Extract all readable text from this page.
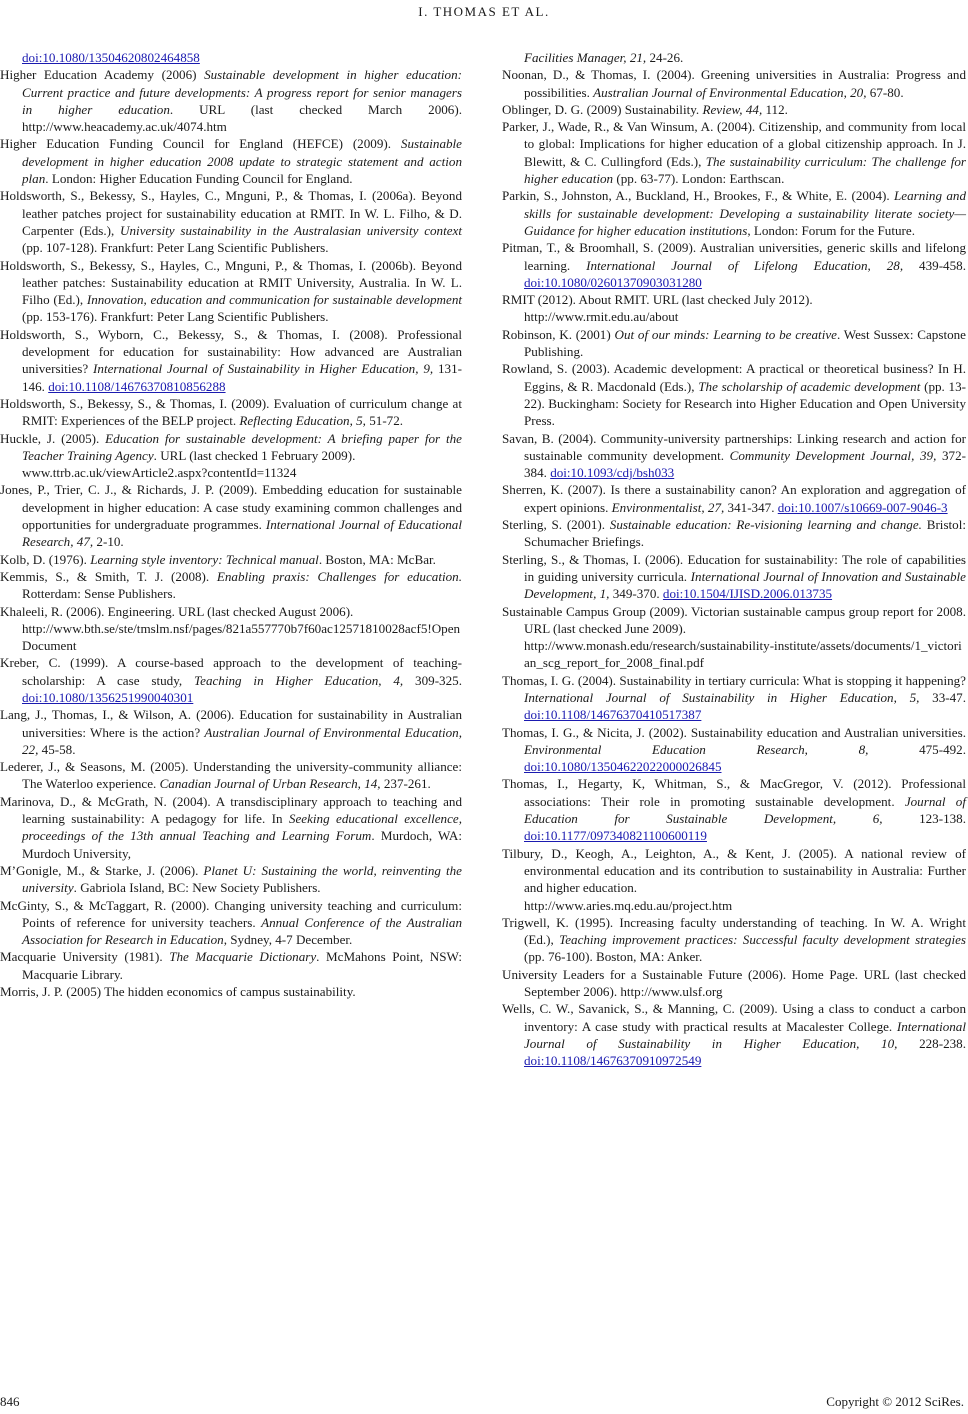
I. THOMAS ET AL.

doi:10.1080/13504620802464858

Higher Education Academy (2006) Sustainable development in higher education: Current practice and future developments: A progress report for senior managers in higher education. URL (last checked March 2006). http://www.heacademy.ac.uk/4074.htm

Higher Education Funding Council for England (HEFCE) (2009). Sustainable development in higher education 2008 update to strategic statement and action plan. London: Higher Education Funding Council for England.

Holdsworth, S., Bekessy, S., Hayles, C., Mnguni, P., & Thomas, I. (2006a). Beyond leather patches project for sustainability education at RMIT. In W. L. Filho, & D. Carpenter (Eds.), University sustainability in the Australasian university context (pp. 107-128). Frankfurt: Peter Lang Scientific Publishers.

Holdsworth, S., Bekessy, S., Hayles, C., Mnguni, P., & Thomas, I. (2006b). Beyond leather patches: Sustainability education at RMIT University, Australia. In W. L. Filho (Ed.), Innovation, education and communication for sustainable development (pp. 153-176). Frankfurt: Peter Lang Scientific Publishers.

Holdsworth, S., Wyborn, C., Bekessy, S., & Thomas, I. (2008). Professional development for education for sustainability: How advanced are Australian universities? International Journal of Sustainability in Higher Education, 9, 131-146. doi:10.1108/14676370810856288

Holdsworth, S., Bekessy, S., & Thomas, I. (2009). Evaluation of curriculum change at RMIT: Experiences of the BELP project. Reflecting Education, 5, 51-72.

Huckle, J. (2005). Education for sustainable development: A briefing paper for the Teacher Training Agency. URL (last checked 1 February 2009).

www.ttrb.ac.uk/viewArticle2.aspx?contentId=11324

Jones, P., Trier, C. J., & Richards, J. P. (2009). Embedding education for sustainable development in higher education: A case study examining common challenges and opportunities for undergraduate programmes. International Journal of Educational Research, 47, 2-10.

Kolb, D. (1976). Learning style inventory: Technical manual. Boston, MA: McBar.

Kemmis, S., & Smith, T. J. (2008). Enabling praxis: Challenges for education. Rotterdam: Sense Publishers.

Khaleeli, R. (2006). Engineering. URL (last checked August 2006).

http://www.bth.se/ste/tmslm.nsf/pages/821a557770b7f60ac12571810028acf5!OpenDocument

Kreber, C. (1999). A course-based approach to the development of teaching-scholarship: A case study, Teaching in Higher Education, 4, 309-325. doi:10.1080/1356251990040301

Lang, J., Thomas, I., & Wilson, A. (2006). Education for sustainability in Australian universities: Where is the action? Australian Journal of Environmental Education, 22, 45-58.

Lederer, J., & Seasons, M. (2005). Understanding the university-community alliance: The Waterloo experience. Canadian Journal of Urban Research, 14, 237-261.

Marinova, D., & McGrath, N. (2004). A transdisciplinary approach to teaching and learning sustainability: A pedagogy for life. In Seeking educational excellence, proceedings of the 13th annual Teaching and Learning Forum. Murdoch, WA: Murdoch University,

M’Gonigle, M., & Starke, J. (2006). Planet U: Sustaining the world, reinventing the university. Gabriola Island, BC: New Society Publishers.

McGinty, S., & McTaggart, R. (2000). Changing university teaching and curriculum: Points of reference for university teachers. Annual Conference of the Australian Association for Research in Education, Sydney, 4-7 December.

Macquarie University (1981). The Macquarie Dictionary. McMahons Point, NSW: Macquarie Library.

Morris, J. P. (2005) The hidden economics of campus sustainability.

Facilities Manager, 21, 24-26.

Noonan, D., & Thomas, I. (2004). Greening universities in Australia: Progress and possibilities. Australian Journal of Environmental Education, 20, 67-80.

Oblinger, D. G. (2009) Sustainability. Review, 44, 112.

Parker, J., Wade, R., & Van Winsum, A. (2004). Citizenship, and community from local to global: Implications for higher education of a global citizenship approach. In J. Blewitt, & C. Cullingford (Eds.), The sustainability curriculum: The challenge for higher education (pp. 63-77). London: Earthscan.

Parkin, S., Johnston, A., Buckland, H., Brookes, F., & White, E. (2004). Learning and skills for sustainable development: Developing a sustainability literate society—Guidance for higher education institutions, London: Forum for the Future.

Pitman, T., & Broomhall, S. (2009). Australian universities, generic skills and lifelong learning. International Journal of Lifelong Education, 28, 439-458. doi:10.1080/02601370903031280

RMIT (2012). About RMIT. URL (last checked July 2012).

http://www.rmit.edu.au/about

Robinson, K. (2001) Out of our minds: Learning to be creative. West Sussex: Capstone Publishing.

Rowland, S. (2003). Academic development: A practical or theoretical business? In H. Eggins, & R. Macdonald (Eds.), The scholarship of academic development (pp. 13-22). Buckingham: Society for Research into Higher Education and Open University Press.

Savan, B. (2004). Community-university partnerships: Linking research and action for sustainable community development. Community Development Journal, 39, 372-384. doi:10.1093/cdj/bsh033

Sherren, K. (2007). Is there a sustainability canon? An exploration and aggregation of expert opinions. Environmentalist, 27, 341-347. doi:10.1007/s10669-007-9046-3

Sterling, S. (2001). Sustainable education: Re-visioning learning and change. Bristol: Schumacher Briefings.

Sterling, S., & Thomas, I. (2006). Education for sustainability: The role of capabilities in guiding university curricula. International Journal of Innovation and Sustainable Development, 1, 349-370. doi:10.1504/IJISD.2006.013735

Sustainable Campus Group (2009). Victorian sustainable campus group report for 2008. URL (last checked June 2009).

http://www.monash.edu/research/sustainability-institute/assets/documents/1_victorian_scg_report_for_2008_final.pdf

Thomas, I. G. (2004). Sustainability in tertiary curricula: What is stopping it happening? International Journal of Sustainability in Higher Education, 5, 33-47. doi:10.1108/14676370410517387

Thomas, I. G., & Nicita, J. (2002). Sustainability education and Australian universities. Environmental Education Research, 8, 475-492. doi:10.1080/13504622022000026845

Thomas, I., Hegarty, K, Whitman, S., & MacGregor, V. (2012). Professional associations: Their role in promoting sustainable development. Journal of Education for Sustainable Development, 6, 123-138. doi:10.1177/097340821100600119

Tilbury, D., Keogh, A., Leighton, A., & Kent, J. (2005). A national review of environmental education and its contribution to sustainability in Australia: Further and higher education.

http://www.aries.mq.edu.au/project.htm

Trigwell, K. (1995). Increasing faculty understanding of teaching. In W. A. Wright (Ed.), Teaching improvement practices: Successful faculty development strategies (pp. 76-100). Boston, MA: Anker.

University Leaders for a Sustainable Future (2006). Home Page. URL (last checked September 2006). http://www.ulsf.org

Wells, C. W., Savanick, S., & Manning, C. (2009). Using a class to conduct a carbon inventory: A case study with practical results at Macalester College. International Journal of Sustainability in Higher Education, 10, 228-238. doi:10.1108/14676370910972549

846	Copyright © 2012 SciRes.
